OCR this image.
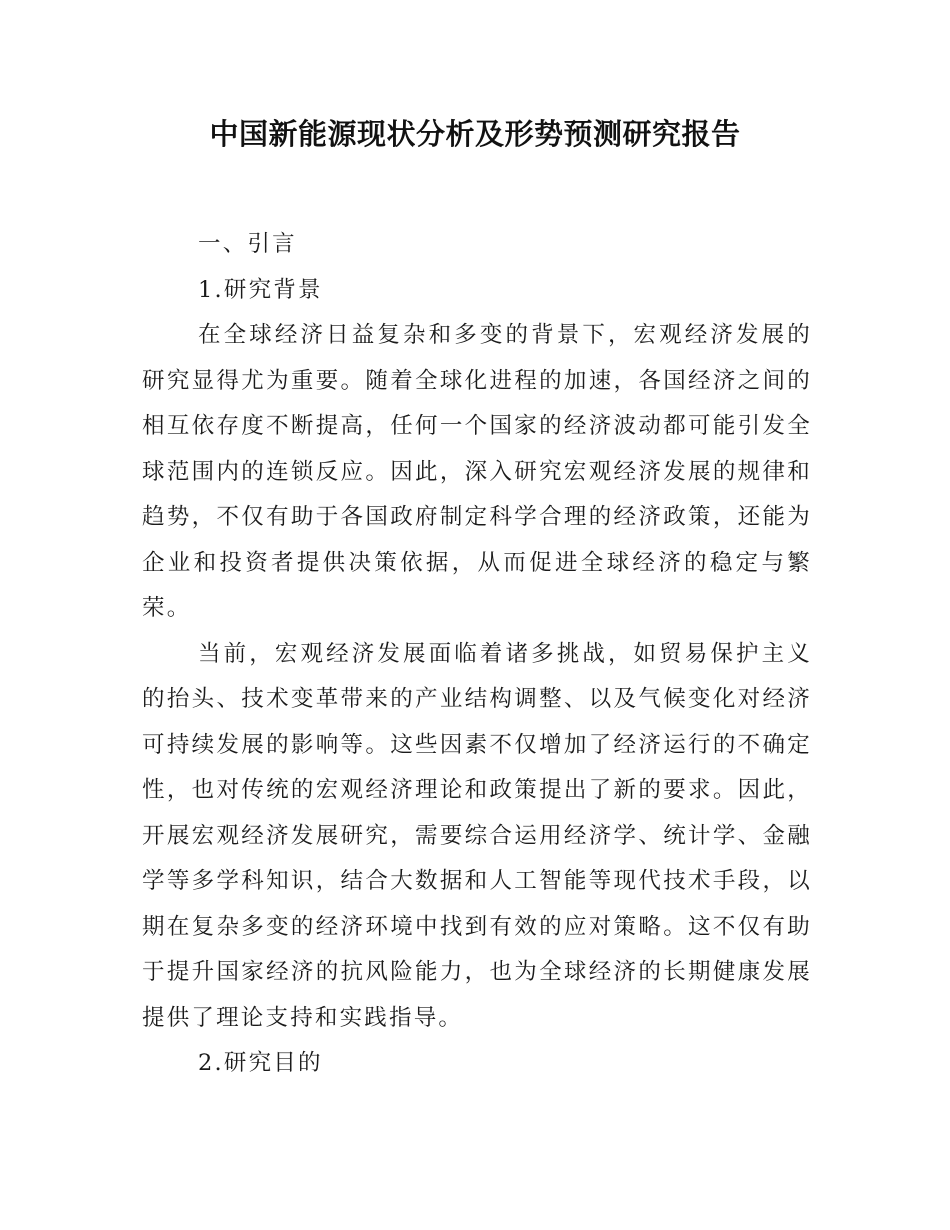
中国新能源现状分析及形势预测研究报告
一、引言
1.研究背景

在全球经济日益复杂和多变的背景下，宏观经济发展的研究显得尤为重要。随着全球化进程的加速，各国经济之间的相互依存度不断提高，任何一个国家的经济波动都可能引发全球范围内的连锁反应。因此，深入研究宏观经济发展的规律和趋势，不仅有助于各国政府制定科学合理的经济政策，还能为企业和投资者提供决策依据，从而促进全球经济的稳定与繁荣。

当前，宏观经济发展面临着诸多挑战，如贸易保护主义的抬头、技术变革带来的产业结构调整、以及气候变化对经济可持续发展的影响等。这些因素不仅增加了经济运行的不确定性，也对传统的宏观经济理论和政策提出了新的要求。因此，开展宏观经济发展研究，需要综合运用经济学、统计学、金融学等多学科知识，结合大数据和人工智能等现代技术手段，以期在复杂多变的经济环境中找到有效的应对策略。这不仅有助于提升国家经济的抗风险能力，也为全球经济的长期健康发展提供了理论支持和实践指导。

2.研究目的
